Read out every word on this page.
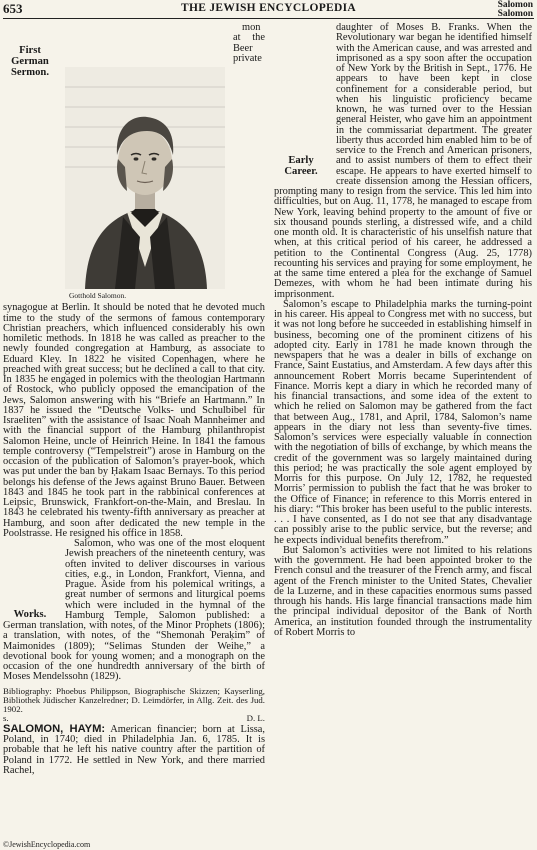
653	THE JEWISH ENCYCLOPEDIA	Salomon
Salomon
First German Sermon.
Gotthold Salomon.

mon at the Beer private synagogue at Berlin. It should be noted that he devoted much time to the study of the sermons of famous contemporary Christian preachers, which influenced considerably his own homiletic methods. In 1818 he was called as preacher to the newly founded congregation at Hamburg, as associate to Eduard Kley. In 1822 he visited Copenhagen, where he preached with great success; but he declined a call to that city. In 1835 he engaged in polemics with the theologian Hartmann of Rostock, who publicly opposed the emancipation of the Jews, Salomon answering with his “Briefe an Hartmann.” In 1837 he issued the “Deutsche Volks- und Schulbibel für Israeliten” with the assistance of Isaac Noah Mannheimer and with the financial support of the Hamburg philanthropist Salomon Heine, uncle of Heinrich Heine. In 1841 the famous temple controversy (“Tempelstreit”) arose in Hamburg on the occasion of the publication of Salomon’s prayer-book, which was put under the ban by Ḥakam Isaac Bernays. To this period belongs his defense of the Jews against Bruno Bauer. Between 1843 and 1845 he took part in the rabbinical conferences at Leipsic, Brunswick, Frankfort-on-the-Main, and Breslau. In 1843 he celebrated his twenty-fifth anniversary as preacher at Hamburg, and soon after dedicated the new temple in the Poolstrasse. He resigned his office in 1858.

Works.

Salomon, who was one of the most eloquent Jewish preachers of the nineteenth century, was often invited to deliver discourses in various cities, e.g., in London, Frankfort, Vienna, and Prague. Aside from his polemical writings, a great number of sermons and liturgical poems which were included in the hymnal of the Hamburg Temple, Salomon published: a German translation, with notes, of the Minor Prophets (1806); a translation, with notes, of the “Shemonah Peraḳim” of Maimonides (1809); “Selimas Stunden der Weihe,” a devotional book for young women; and a monograph on the occasion of the one hundredth anniversary of the birth of Moses Mendelssohn (1829).

Bibliography: Phoebus Philippson, Biographische Skizzen; Kayserling, Bibliothek Jüdischer Kanzelredner; D. Leimdörfer, in Allg. Zeit. des Jud. 1902.
s.	D. L.

SALOMON, HAYM: American financier; born at Lissa, Poland, in 1740; died in Philadelphia Jan. 6, 1785. It is probable that he left his native country after the partition of Poland in 1772. He settled in New York, and there married Rachel,

Early Career.

daughter of Moses B. Franks. When the Revolutionary war began he identified himself with the American cause, and was arrested and imprisoned as a spy soon after the occupation of New York by the British in Sept., 1776. He appears to have been kept in close confinement for a considerable period, but when his linguistic proficiency became known, he was turned over to the Hessian general Heister, who gave him an appointment in the commissariat department. The greater liberty thus accorded him enabled him to be of service to the French and American prisoners, and to assist numbers of them to effect their escape. He appears to have exerted himself to create dissension among the Hessian officers, prompting many to resign from the service. This led him into difficulties, but on Aug. 11, 1778, he managed to escape from New York, leaving behind property to the amount of five or six thousand pounds sterling, a distressed wife, and a child one month old. It is characteristic of his unselfish nature that when, at this critical period of his career, he addressed a petition to the Continental Congress (Aug. 25, 1778) recounting his services and praying for some employment, he at the same time entered a plea for the exchange of Samuel Demezes, with whom he had been intimate during his imprisonment.

Salomon’s escape to Philadelphia marks the turning-point in his career. His appeal to Congress met with no success, but it was not long before he succeeded in establishing himself in business, becoming one of the prominent citizens of his adopted city. Early in 1781 he made known through the newspapers that he was a dealer in bills of exchange on France, Saint Eustatius, and Amsterdam. A few days after this announcement Robert Morris became Superintendent of Finance. Morris kept a diary in which he recorded many of his financial transactions, and some idea of the extent to which he relied on Salomon may be gathered from the fact that between Aug., 1781, and April, 1784, Salomon’s name appears in the diary not less than seventy-five times. Salomon’s services were especially valuable in connection with the negotiation of bills of exchange, by which means the credit of the government was so largely maintained during this period; he was practically the sole agent employed by Morris for this purpose. On July 12, 1782, he requested Morris’ permission to publish the fact that he was broker to the Office of Finance; in reference to this Morris entered in his diary: “This broker has been useful to the public interests. . . . I have consented, as I do not see that any disadvantage can possibly arise to the public service, but the reverse; and he expects individual benefits therefrom.”

But Salomon’s activities were not limited to his relations with the government. He had been appointed broker to the French consul and the treasurer of the French army, and fiscal agent of the French minister to the United States, Chevalier de la Luzerne, and in these capacities enormous sums passed through his hands. His large financial transactions made him the principal individual depositor of the Bank of North America, an institution founded through the instrumentality of Robert Morris to

©JewishEncyclopedia.com
